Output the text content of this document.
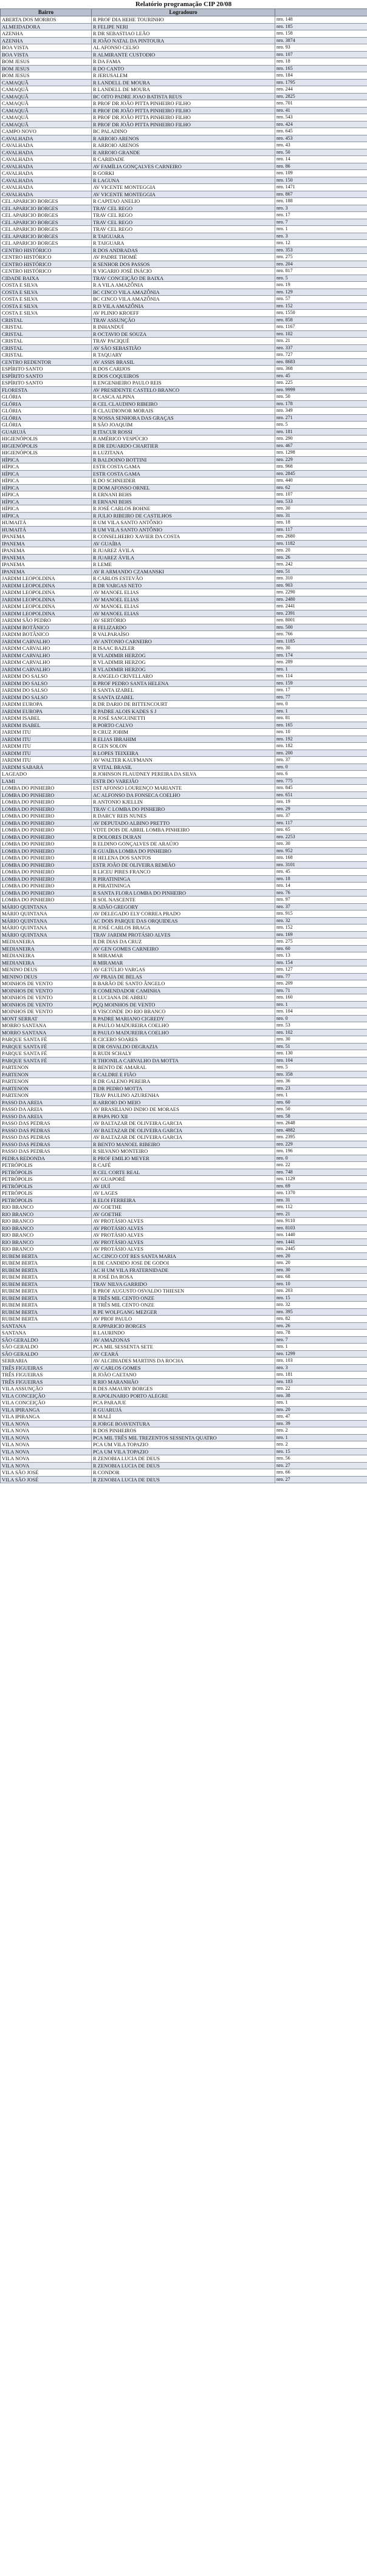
Relatório programação CIP 20/08
Bairro	Logradouro	
ABERTA DOS MORROS	R PROF DIA HEHE TOURINHO	nro. 148
ALMEIDADORA	R FELIPE NERI	nro. 185
AZENHA	R DR SEBASTIAO LEÃO	nro. 158
AZENHA	R JOÃO NATAL DA PINTOURA	nro. 3874
BOA VISTA	AL AFONSO CELSO	nro. 93
BOA VISTA	R ALMIRANTE CUSTODIO	nro. 107
BOM JESUS	R DA FAMA	nro. 18
BOM JESUS	R DO CANTO	nro. 165
BOM JESUS	R JERUSALEM	nro. 184
CAMAQUÃ	R LANDELL DE MOURA	nro. 1795
CAMAQUÃ	R LANDELL DE MOURA	nro. 244
CAMAQUÃ	BC OITO PADRE JOAO BATISTA REUS	nro. 2825
CAMAQUÃ	R PROF DR JOÃO PITTA PINHEIRO FILHO	nro. 701
CAMAQUÃ	R PROF DR JOÃO PITTA PINHEIRO FILHO	nro. 41
CAMAQUÃ	R PROF DR JOÃO PITTA PINHEIRO FILHO	nro. 543
CAMAQUÃ	R PROF DR JOÃO PITTA PINHEIRO FILHO	nro. 424
CAMPO NOVO	BC PALADINO	nro. 645
CAVALHADA	R ARROIO ARENOS	nro. 453
CAVALHADA	R ARROIO ARENOS	nro. 43
CAVALHADA	R ARROIO GRANDE	nro. 50
CAVALHADA	R CARIDADE	nro. 14
CAVALHADA	AV FAMÍLIA GONÇALVES CARNEIRO	nro. 86
CAVALHADA	R GORKI	nro. 109
CAVALHADA	R LAGUNA	nro. 150
CAVALHADA	AV VICENTE MONTEGGIA	nro. 1471
CAVALHADA	AV VICENTE MONTEGGIA	nro. 867
CEL APARICIO BORGES	R CAPITAO ANELIO	nro. 188
CEL APARICIO BORGES	TRAV CEL REGO	nro. 3
CEL APARICIO BORGES	TRAV CEL REGO	nro. 17
CEL APARICIO BORGES	TRAV CEL REGO	nro. 7
CEL APARICIO BORGES	TRAV CEL REGO	nro. 1
CEL APARICIO BORGES	R TAIGUARA	nro. 3
CEL APARICIO BORGES	R TAIGUARA	nro. 12
CENTRO HISTÓRICO	R DOS ANDRADAS	nro. 353
CENTRO HISTÓRICO	AV PADRE THOMÉ	nro. 275
CENTRO HISTÓRICO	R SENHOR DOS PASSOS	nro. 204
CENTRO HISTÓRICO	R VIGARIO JOSÉ INÁCIO	nro. 817
CIDADE BAIXA	TRAV CONCEIÇÃO DE BAIXA	nro. 5
COSTA E SILVA	R A VILA AMAZÔNIA	nro. 19
COSTA E SILVA	BC CINCO VILA AMAZÔNIA	nro. 129
COSTA E SILVA	BC CINCO VILA AMAZÔNIA	nro. 57
COSTA E SILVA	R D VILA AMAZÔNIA	nro. 152
COSTA E SILVA	AV PLINIO KROEFF	nro. 1550
CRISTAL	TRAV ASSUNÇÃO	nro. 858
CRISTAL	R INHANDUÍ	nro. 1167
CRISTAL	R OCTAVIO DE SOUZA	nro. 102
CRISTAL	TRAV PACIQUÉ	nro. 21
CRISTAL	AV SÃO SEBASTIÃO	nro. 337
CRISTAL	R TAQUARY	nro. 727
CENTRO REDENTOR	AV ASSIS BRASIL	nro. 8683
ESPÍRITO SANTO	R DOS CARIJOS	nro. 368
ESPÍRITO SANTO	R DOS COQUEIROS	nro. 45
ESPÍRITO SANTO	R ENGENHEIRO PAULO REIS	nro. 225
FLORESTA	AV PRESIDENTE CASTELO BRANCO	nro. 9999
GLÓRIA	R CASCA ALPINA	nro. 50
GLÓRIA	R CEL CLAUDINO RIBEIRO	nro. 178
GLÓRIA	R CLAUDIONOR MORAIS	nro. 349
GLÓRIA	R NOSSA SENHORA DAS GRAÇAS	nro. 271
GLÓRIA	R SÃO JOAQUIM	nro. 5
GUARUJÁ	R ITACUR ROSSI	nro. 181
HIGIENÓPOLIS	R AMÉRICO VESPÚCIO	nro. 290
HIGIENÓPOLIS	R DR EDUARDO CHARTIER	nro. 467
HIGIENÓPOLIS	R LUZITANA	nro. 1298
HÍPICA	R BALDOINO BOTTINI	nro. 229
HÍPICA	ESTR COSTA GAMA	nro. 968
HÍPICA	ESTR COSTA GAMA	nro. 2845
HÍPICA	R DO SCHNEIDER	nro. 440
HÍPICA	R DOM AFONSO ORNEL	nro. 62
HÍPICA	R ERNANI BEHS	nro. 107
HÍPICA	R ERNANI BEHS	nro. 533
HÍPICA	R JOSÉ CARLOS BOHNE	nro. 30
HÍPICA	R JULIO RIBEIRO DE CASTILHOS	nro. 31
HUMAITÁ	R UM VILA SANTO ANTÔNIO	nro. 18
HUMAITÁ	R UM VILA SANTO ANTÔNIO	nro. 117
IPANEMA	R CONSELHEIRO XAVIER DA COSTA	nro. 2680
IPANEMA	AV GUAÍBA	nro. 1182
IPANEMA	R JUAREZ ÁVILA	nro. 20
IPANEMA	R JUAREZ ÁVILA	nro. 26
IPANEMA	R LEME	nro. 242
IPANEMA	AV R ARMANDO CZAMANSKI	nro. 51
JARDIM LEOPOLDINA	R CARLOS ESTEVÃO	nro. 310
JARDIM LEOPOLDINA	R DR VARGAS NETO	nro. 903
JARDIM LEOPOLDINA	AV MANOEL ELIAS	nro. 2290
JARDIM LEOPOLDINA	AV MANOEL ELIAS	nro. 2480
JARDIM LEOPOLDINA	AV MANOEL ELIAS	nro. 2441
JARDIM LEOPOLDINA	AV MANOEL ELIAS	nro. 2391
JARDIM SÃO PEDRO	AV SERTÓRIO	nro. 8001
JARDIM BOTÂNICO	R FELIZARDO	nro. 500
JARDIM BOTÂNICO	R VALPARAÍSO	nro. 766
JARDIM CARVALHO	AV ANTONIO CARNEIRO	nro. 1185
JARDIM CARVALHO	R ISAAC BAZLER	nro. 30
JARDIM CARVALHO	R VLADIMIR HERZOG	nro. 174
JARDIM CARVALHO	R VLADIMIR HERZOG	nro. 289
JARDIM CARVALHO	R VLADIMIR HERZOG	nro. 1
JARDIM DO SALSO	R ANGELO CRIVELLARO	nro. 114
JARDIM DO SALSO	R PROF PEDRO SANTA HELENA	nro. 159
JARDIM DO SALSO	R SANTA IZABEL	nro. 17
JARDIM DO SALSO	R SANTA IZABEL	nro. 77
JARDIM EUROPA	R DR DARIO DE BITTENCOURT	nro. 0
JARDIM EUROPA	R PADRE ALOIS KADES S J	nro. 1
JARDIM ISABEL	R JOSÉ SANGUINETTI	nro. 81
JARDIM ISABEL	R PORTO CALVO	nro. 165
JARDIM ITU	R CRUZ JOBIM	nro. 10
JARDIM ITU	R ELIAS IBRAHIM	nro. 192
JARDIM ITU	R GEN SOLON	nro. 182
JARDIM ITU	R LOPES TEIXEIRA	nro. 200
JARDIM ITU	AV WALTER KAUFMANN	nro. 37
JARDIM SABARÁ	R VITAL BRASIL	nro. 0
LAGEADO	R JOHNSON FLAUDNEY PEREIRA DA SILVA	nro. 6
LAMI	ESTR DO VAREJÃO	nro. 775
LOMBA DO PINHEIRO	EST AFONSO LOURENÇO MARIANTE	nro. 845
LOMBA DO PINHEIRO	AC ALFONSO DA FONSECA COELHO	nro. 651
LOMBA DO PINHEIRO	R ANTONIO KJELLIN	nro. 19
LOMBA DO PINHEIRO	TRAV C LOMBA DO PINHEIRO	nro. 29
LOMBA DO PINHEIRO	R DARCY REIS NUNES	nro. 37
LOMBA DO PINHEIRO	AV DEPUTADO ALBINO PRETTO	nro. 117
LOMBA DO PINHEIRO	VDTE DOIS DE ABRIL LOMBA PINHEIRO	nro. 65
LOMBA DO PINHEIRO	R DOLORES DURAN	nro. 2253
LOMBA DO PINHEIRO	R ELDINO GONÇALVES DE ARAÚJO	nro. 30
LOMBA DO PINHEIRO	R GUAÍBA LOMBA DO PINHEIRO	nro. 952
LOMBA DO PINHEIRO	R HELENA DOS SANTOS	nro. 168
LOMBA DO PINHEIRO	ESTR JOÃO DE OLIVEIRA REMIÃO	nro. 3101
LOMBA DO PINHEIRO	R LICEU PIRES FRANCO	nro. 45
LOMBA DO PINHEIRO	R PIRATININGA	nro. 18
LOMBA DO PINHEIRO	R PIRATININGA	nro. 14
LOMBA DO PINHEIRO	R SANTA FLORA LOMBA DO PINHEIRO	nro. 76
LOMBA DO PINHEIRO	R SOL NASCENTE	nro. 97
MÁRIO QUINTANA	R ADÃO GREGORY	nro. 37
MÁRIO QUINTANA	AV DELEGADO ELY CORREA PRADO	nro. 915
MÁRIO QUINTANA	AC DOIS PARQUE DAS ORQUIDEAS	nro. 32
MÁRIO QUINTANA	R JOSÉ CARLOS BRAGA	nro. 152
MÁRIO QUINTANA	TRAV JARDIM PROTÁSIO ALVES	nro. 169
MEDIANEIRA	R DR DIAS DA CRUZ	nro. 275
MEDIANEIRA	AV GEN GOMES CARNEIRO	nro. 60
MEDIANEIRA	R MIRAMAR	nro. 13
MEDIANEIRA	R MIRAMAR	nro. 154
MENINO DEUS	AV GETÚLIO VARGAS	nro. 127
MENINO DEUS	AV PRAIA DE BELAS	nro. 77
MOINHOS DE VENTO	R BARÃO DE SANTO ÂNGELO	nro. 209
MOINHOS DE VENTO	R COMENDADOR CAMINHA	nro. 71
MOINHOS DE VENTO	R LUCIANA DE ABREU	nro. 160
MOINHOS DE VENTO	PÇQ MOINHOS DE VENTO	nro. 1
MOINHOS DE VENTO	R VISCONDE DO RIO BRANCO	nro. 104
MONT SERRAT	R PADRE MARIANO CIGREDY	nro. 0
MORRO SANTANA	R PAULO MADUREIRA COELHO	nro. 53
MORRO SANTANA	R PAULO MADUREIRA COELHO	nro. 102
PARQUE SANTA FÉ	R CICERO SOARES	nro. 30
PARQUE SANTA FÉ	R DR OSVALDO DEGRAZIA	nro. 51
PARQUE SANTA FÉ	R RUDI SCHALY	nro. 130
PARQUE SANTA FÉ	R THIONILA CARVALHO DA MOTTA	nro. 104
PARTENON	R BENTO DE AMARAL	nro. 5
PARTENON	R CALDRE E FIÃO	nro. 358
PARTENON	R DR GALENO PEREIRA	nro. 36
PARTENON	R DR PEDRO MOTTA	nro. 23
PARTENON	TRAV PAULINO AZURENHA	nro. 1
PASSO DA AREIA	R ARROIO DO MEIO	nro. 60
PASSO DA AREIA	AV BRASILIANO INDIO DE MORAES	nro. 50
PASSO DA AREIA	R PAPA PIO XII	nro. 58
PASSO DAS PEDRAS	AV BALTAZAR DE OLIVEIRA GARCIA	nro. 2648
PASSO DAS PEDRAS	AV BALTAZAR DE OLIVEIRA GARCIA	nro. 4882
PASSO DAS PEDRAS	AV BALTAZAR DE OLIVEIRA GARCIA	nro. 2395
PASSO DAS PEDRAS	R BENTO MANOEL RIBEIRO	nro. 229
PASSO DAS PEDRAS	R SILVANO MONTEIRO	nro. 196
PEDRA REDONDA	R PROF EMILIO MEYER	nro. 0
PETRÓPOLIS	R CAFÉ	nro. 22
PETRÓPOLIS	R CEL CORTE REAL	nro. 748
PETRÓPOLIS	AV GUAPORÉ	nro. 1129
PETRÓPOLIS	AV IJUÍ	nro. 69
PETRÓPOLIS	AV LAGES	nro. 1370
PETRÓPOLIS	R ELOI FERREIRA	nro. 31
RIO BRANCO	AV GOETHE	nro. 112
RIO BRANCO	AV GOETHE	nro. 21
RIO BRANCO	AV PROTÁSIO ALVES	nro. 9110
RIO BRANCO	AV PROTÁSIO ALVES	nro. 8103
RIO BRANCO	AV PROTÁSIO ALVES	nro. 1440
RIO BRANCO	AV PROTÁSIO ALVES	nro. 1441
RIO BRANCO	AV PROTÁSIO ALVES	nro. 2445
RUBEM BERTA	AC CINCO COT RES SANTA MARIA	nro. 20
RUBEM BERTA	R DE CANDIDO JOSE DE GODOI	nro. 20
RUBEM BERTA	AC H UM VILA FRATERNIDADE	nro. 30
RUBEM BERTA	R JOSÉ DA ROSA	nro. 68
RUBEM BERTA	TRAV NILVA GARRIDO	nro. 10
RUBEM BERTA	R PROF AUGUSTO OSVALDO THIESEN	nro. 203
RUBEM BERTA	R TRÊS MIL CENTO ONZE	nro. 15
RUBEM BERTA	R TRÊS MIL CENTO ONZE	nro. 32
RUBEM BERTA	R PE WOLFGANG MEZGER	nro. 395
RUBEM BERTA	AV PROF PAULO	nro. 82
SANTANA	R APPARICIO BORGES	nro. 26
SANTANA	R LAURINDO	nro. 78
SÃO GERALDO	AV AMAZONAS	nro. 7
SÃO GERALDO	PCA MIL SESSENTA SETE	nro. 1
SÃO GERALDO	AV CEARÁ	nro. 1299
SERRARIA	AV ALCIBIADES MARTINS DA ROCHA	nro. 103
TRÊS FIGUEIRAS	AV CARLOS GOMES	nro. 3
TRÊS FIGUEIRAS	R JOÃO CAETANO	nro. 181
TRÊS FIGUEIRAS	R RIO MARANHÃO	nro. 183
VILA ASSUNÇÃO	R DES AMAURY BORGES	nro. 22
VILA CONCEIÇÃO	R APOLINARIO PORTO ALEGRE	nro. 38
VILA CONCEIÇÃO	PCA PARAJUE	nro. 1
VILA IPIRANGA	R GUARUJÁ	nro. 20
VILA IPIRANGA	R MALÍ	nro. 47
VILA NOVA	R JORGE BOAVENTURA	nro. 39
VILA NOVA	R DOS PINHEIROS	nro. 2
VILA NOVA	PCA MIL TRÊS MIL TREZENTOS SESSENTA QUATRO	nro. 1
VILA NOVA	PCA UM VILA TOPAZIO	nro. 2
VILA NOVA	PCA UM VILA TOPAZIO	nro. 15
VILA NOVA	R ZENOBIA LUCIA DE DEUS	nro. 56
VILA NOVA	R ZENOBIA LUCIA DE DEUS	nro. 27
VILA SÃO JOSÉ	R CONDOR	nro. 66
VILA SÃO JOSÉ	R ZENOBIA LUCIA DE DEUS	nro. 27
